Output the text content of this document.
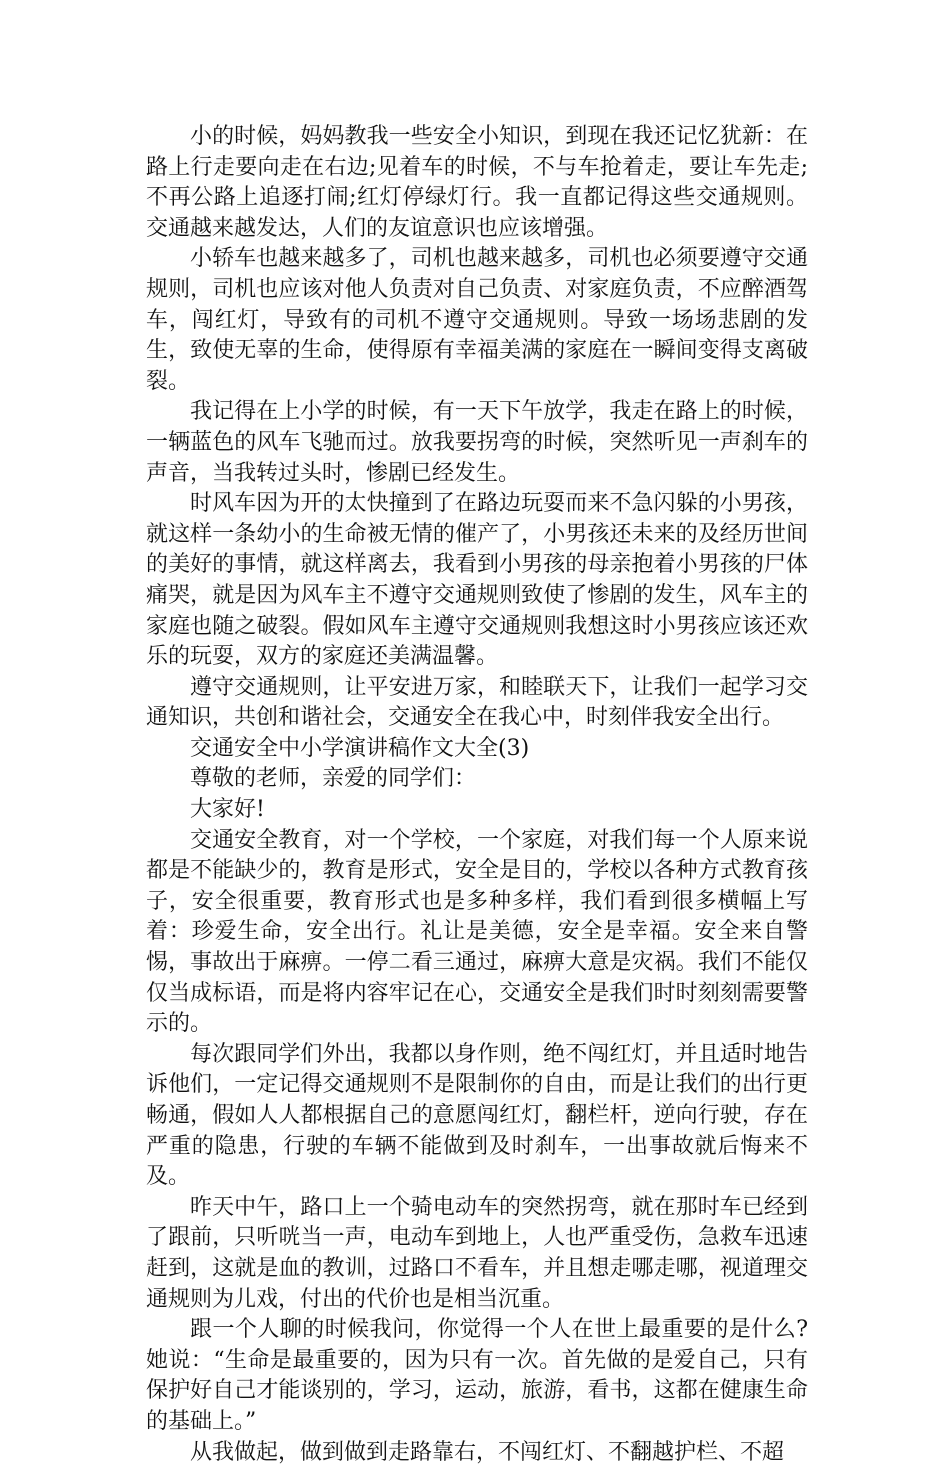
小的时候，妈妈教我一些安全小知识，到现在我还记忆犹新：在路上行走要向走在右边;见着车的时候，不与车抢着走，要让车先走;不再公路上追逐打闹;红灯停绿灯行。我一直都记得这些交通规则。交通越来越发达，人们的友谊意识也应该增强。

小轿车也越来越多了，司机也越来越多，司机也必须要遵守交通规则，司机也应该对他人负责对自己负责、对家庭负责，不应醉酒驾车，闯红灯，导致有的司机不遵守交通规则。导致一场场悲剧的发生，致使无辜的生命，使得原有幸福美满的家庭在一瞬间变得支离破裂。

我记得在上小学的时候，有一天下午放学，我走在路上的时候，一辆蓝色的风车飞驰而过。放我要拐弯的时候，突然听见一声刹车的声音，当我转过头时，惨剧已经发生。

时风车因为开的太快撞到了在路边玩耍而来不急闪躲的小男孩，就这样一条幼小的生命被无情的催产了，小男孩还未来的及经历世间的美好的事情，就这样离去，我看到小男孩的母亲抱着小男孩的尸体痛哭，就是因为风车主不遵守交通规则致使了惨剧的发生，风车主的家庭也随之破裂。假如风车主遵守交通规则我想这时小男孩应该还欢乐的玩耍，双方的家庭还美满温馨。

遵守交通规则，让平安进万家，和睦联天下，让我们一起学习交通知识，共创和谐社会，交通安全在我心中，时刻伴我安全出行。

交通安全中小学演讲稿作文大全(3)

尊敬的老师，亲爱的同学们：

大家好!

交通安全教育，对一个学校，一个家庭，对我们每一个人原来说都是不能缺少的，教育是形式，安全是目的，学校以各种方式教育孩子，安全很重要，教育形式也是多种多样，我们看到很多横幅上写着：珍爱生命，安全出行。礼让是美德，安全是幸福。安全来自警惕，事故出于麻痹。一停二看三通过，麻痹大意是灾祸。我们不能仅仅当成标语，而是将内容牢记在心，交通安全是我们时时刻刻需要警示的。

每次跟同学们外出，我都以身作则，绝不闯红灯，并且适时地告诉他们，一定记得交通规则不是限制你的自由，而是让我们的出行更畅通，假如人人都根据自己的意愿闯红灯，翻栏杆，逆向行驶，存在严重的隐患，行驶的车辆不能做到及时刹车，一出事故就后悔来不及。

昨天中午，路口上一个骑电动车的突然拐弯，就在那时车已经到了跟前，只听咣当一声，电动车到地上，人也严重受伤，急救车迅速赶到，这就是血的教训，过路口不看车，并且想走哪走哪，视道理交通规则为儿戏，付出的代价也是相当沉重。

跟一个人聊的时候我问，你觉得一个人在世上最重要的是什么?她说：“生命是最重要的，因为只有一次。首先做的是爱自己，只有保护好自己才能谈别的，学习，运动，旅游，看书，这都在健康生命的基础上。”

从我做起，做到做到走路靠右，不闯红灯、不翻越护栏、不超
